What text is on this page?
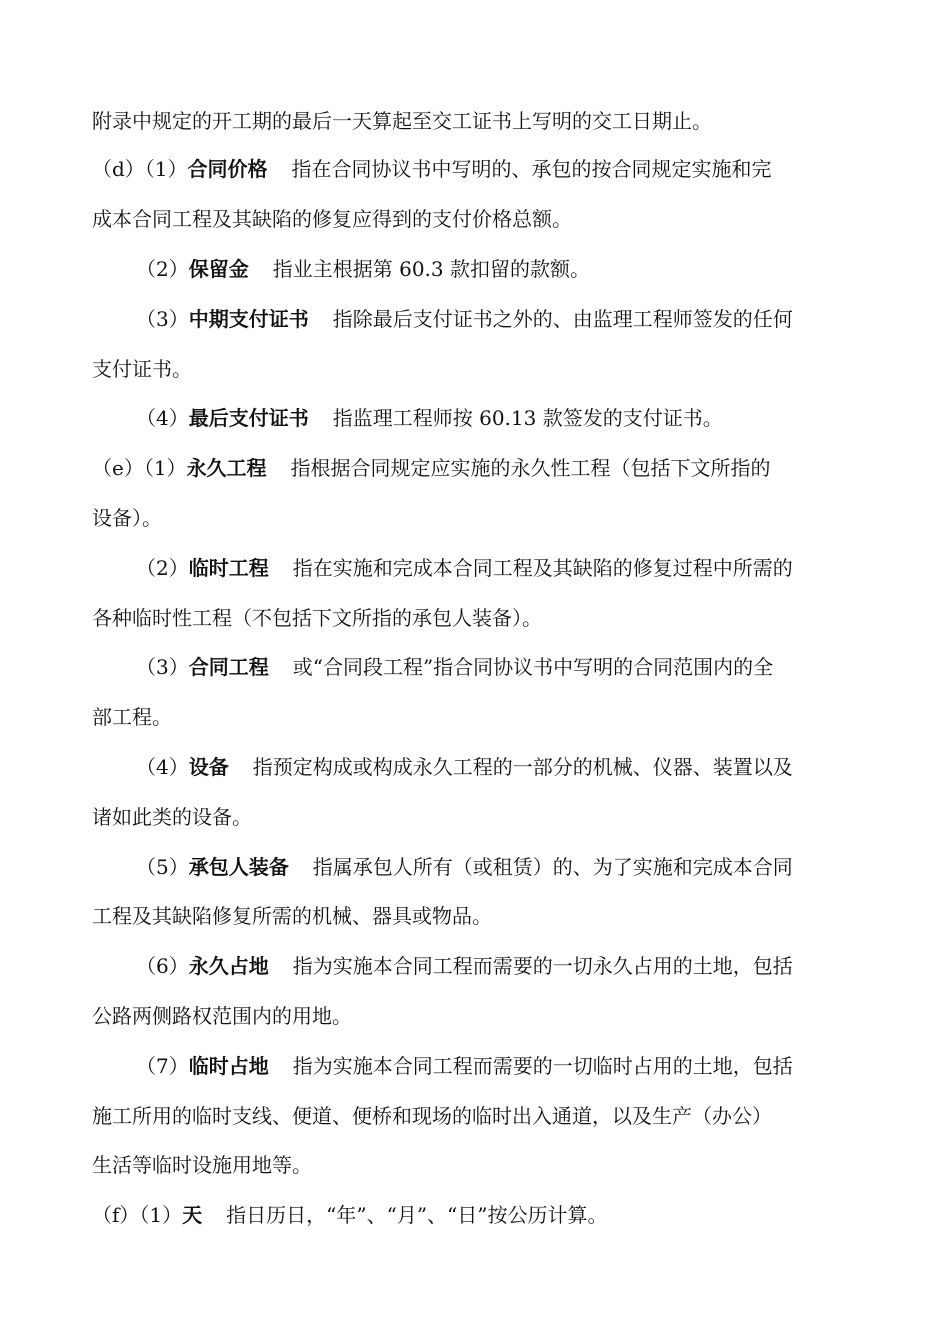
附录中规定的开工期的最后一天算起至交工证书上写明的交工日期止。
（d）（1）合同价格 指在合同协议书中写明的、承包的按合同规定实施和完
成本合同工程及其缺陷的修复应得到的支付价格总额。
（2）保留金 指业主根据第 60.3 款扣留的款额。
（3）中期支付证书 指除最后支付证书之外的、由监理工程师签发的任何
支付证书。
（4）最后支付证书 指监理工程师按 60.13 款签发的支付证书。
（e）（1）永久工程 指根据合同规定应实施的永久性工程（包括下文所指的
设备）。
（2）临时工程 指在实施和完成本合同工程及其缺陷的修复过程中所需的
各种临时性工程（不包括下文所指的承包人装备）。
（3）合同工程 或“合同段工程”指合同协议书中写明的合同范围内的全
部工程。
（4）设备 指预定构成或构成永久工程的一部分的机械、仪器、装置以及
诸如此类的设备。
（5）承包人装备 指属承包人所有（或租赁）的、为了实施和完成本合同
工程及其缺陷修复所需的机械、器具或物品。
（6）永久占地 指为实施本合同工程而需要的一切永久占用的土地，包括
公路两侧路权范围内的用地。
（7）临时占地 指为实施本合同工程而需要的一切临时占用的土地，包括
施工所用的临时支线、便道、便桥和现场的临时出入通道，以及生产（办公）
生活等临时设施用地等。
（f）（1）天 指日历日，“年”、“月”、“日”按公历计算。
